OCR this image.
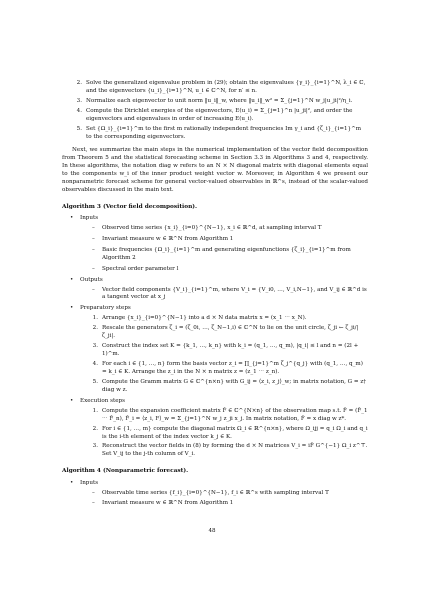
2. Solve the generalized eigenvalue problem in (29); obtain the eigenvalues {γ_i}_{i=1}^N, λ_i ∈ ℂ, and the eigenvectors {u_i}_{i=1}^N, u_i ∈ ℂ^N, for n′ ≤ n.
3. Normalize each eigenvector to unit norm ‖u_i‖_w, where ‖u_i‖_w² = Σ_{j=1}^N w_j|u_ji|²/η_i.
4. Compute the Dirichlet energies of the eigenvectors, E(u_i) = Σ_{j=1}^n |u_ji|², and order the eigenvectors and eigenvalues in order of increasing E(u_i).
5. Set {Ω_i}_{i=1}^m to the first m rationally independent frequencies Im γ_i and {ζ_i}_{i=1}^m to the corresponding eigenvectors.

Next, we summarize the main steps in the numerical implementation of the vector field decomposition from Theorem 5 and the statistical forecasting scheme in Section 3.3 in Algorithms 3 and 4, respectively. In these algorithms, the notation diag w refers to an N × N diagonal matrix with diagonal elements equal to the components w_i of the inner product weight vector w. Moreover, in Algorithm 4 we present our nonparametric forecast scheme for general vector-valued observables in ℝ^s, instead of the scalar-valued observables discussed in the main text.

Algorithm 3 (Vector field decomposition).
•	Inputs
–	Observed time series {x_i}_{i=0}^{N−1}, x_i ∈ ℝ^d, at sampling interval T
–	Invariant measure w ∈ ℝ^N from Algorithm 1
–	Basic frequencies {Ω_i}_{i=1}^m and generating eigenfunctions {ζ_i}_{i=1}^m from Algorithm 2
–	Spectral order parameter l
•	Outputs
–	Vector field components {V_i}_{i=1}^m, where V_i = {V_i0, …, V_i,N−1}, and V_ij ∈ ℝ^d is a tangent vector at x_j
•	Preparatory steps
1. Arrange {x_i}_{i=0}^{N−1} into a d × N data matrix x = (x_1 ⋯ x_N).
2. Rescale the generators ζ_i = (ζ_0i, …, ζ_N−1,i) ∈ ℂ^N to lie on the unit circle, ζ_ji ← ζ_ji/|ζ_ji|.
3. Construct the index set K = {k_1, …, k_n} with k_i = (q_1, …, q_m), |q_i| ≤ l and n = (2l + 1)^m.
4. For each i ∈ {1, …, n} form the basis vector z_i = ∏_{j=1}^m ζ_j^{q_j} with (q_1, …, q_m) = k_i ∈ K. Arrange the z_i in the N × n matrix z = (z_1 ⋯ z_n).
5. Compute the Gramm matrix G ∈ ℂ^{n×n} with G_ij = ⟨z_i, z_j⟩_w; in matrix notation, G = z† diag w z.
•	Execution steps
1. Compute the expansion coefficient matrix F̂ ∈ ℂ^{N×n} of the observation map s.t. F̂ = (F̂_1 ⋯ F̂_n), F̂_i = ⟨z_i, F⟩_w = Σ_{j=1}^N w_j z_ji x_j. In matrix notation, F̂ = x diag w z*.
2. For i ∈ {1, …, m} compute the diagonal matrix Ω_i ∈ ℝ^{n×n}, where Ω_ijj = q_i Ω_i and q_i is the i-th element of the index vector k_j ∈ K.
3. Reconstruct the vector fields in (8) by forming the d × N matrices V_i = iF̂ G^{−1} Ω_i z^⊤. Set V_ij to the j-th column of V_i.
Algorithm 4 (Nonparametric forecast).
•	Inputs
–	Observable time series {f_i}_{i=0}^{N−1}, f_i ∈ ℝ^s with sampling interval T
–	Invariant measure w ∈ ℝ^N from Algorithm 1
48
